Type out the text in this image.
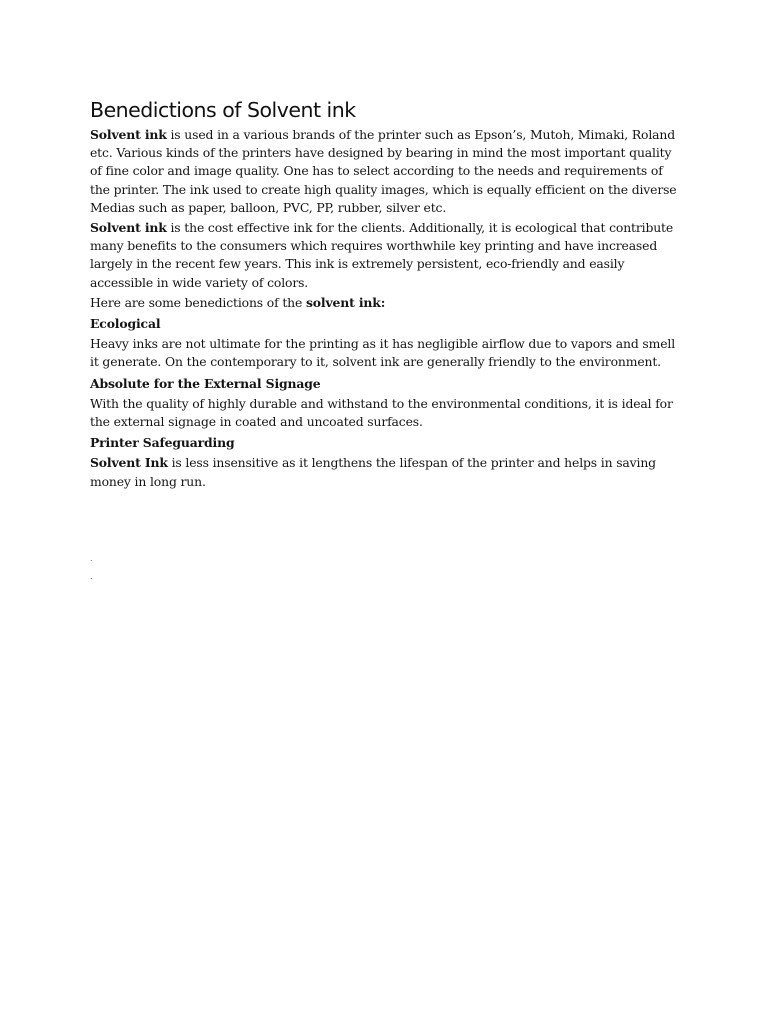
Benedictions of Solvent ink

Solvent ink is used in a various brands of the printer such as Epson’s, Mutoh, Mimaki, Roland etc. Various kinds of the printers have designed by bearing in mind the most important quality of fine color and image quality. One has to select according to the needs and requirements of the printer. The ink used to create high quality images, which is equally efficient on the diverse Medias such as paper, balloon, PVC, PP, rubber, silver etc.

Solvent ink is the cost effective ink for the clients. Additionally, it is ecological that contribute many benefits to the consumers which requires worthwhile key printing and have increased largely in the recent few years. This ink is extremely persistent, eco-friendly and easily accessible in wide variety of colors.

Here are some benedictions of the solvent ink:

Ecological

Heavy inks are not ultimate for the printing as it has negligible airflow due to vapors and smell it generate. On the contemporary to it, solvent ink are generally friendly to the environment.

Absolute for the External Signage

With the quality of highly durable and withstand to the environmental conditions, it is ideal for the external signage in coated and uncoated surfaces.

Printer Safeguarding

Solvent Ink is less insensitive as it lengthens the lifespan of the printer and helps in saving money in long run.

.
.
